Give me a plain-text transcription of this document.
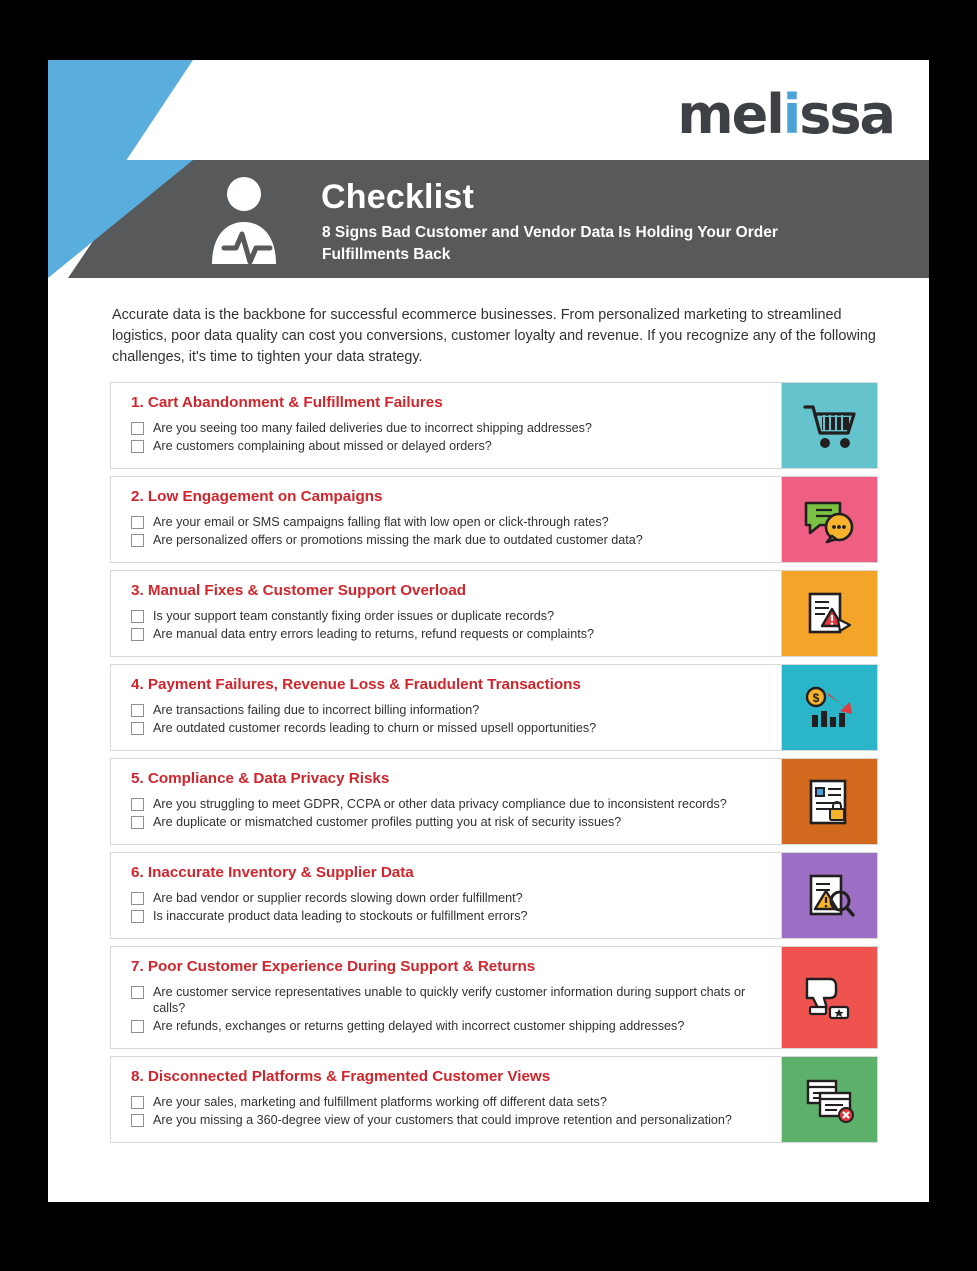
melissa
Checklist
8 Signs Bad Customer and Vendor Data Is Holding Your Order Fulfillments Back
Accurate data is the backbone for successful ecommerce businesses. From personalized marketing to streamlined logistics, poor data quality can cost you conversions, customer loyalty and revenue. If you recognize any of the following challenges, it's time to tighten your data strategy.
1. Cart Abandonment & Fulfillment Failures
Are you seeing too many failed deliveries due to incorrect shipping addresses?
Are customers complaining about missed or delayed orders?
2. Low Engagement on Campaigns
Are your email or SMS campaigns falling flat with low open or click-through rates?
Are personalized offers or promotions missing the mark due to outdated customer data?
3. Manual Fixes & Customer Support Overload
Is your support team constantly fixing order issues or duplicate records?
Are manual data entry errors leading to returns, refund requests or complaints?
4. Payment Failures, Revenue Loss & Fraudulent Transactions
Are transactions failing due to incorrect billing information?
Are outdated customer records leading to churn or missed upsell opportunities?
$
5. Compliance & Data Privacy Risks
Are you struggling to meet GDPR, CCPA or other data privacy compliance due to inconsistent records?
Are duplicate or mismatched customer profiles putting you at risk of security issues?
6. Inaccurate Inventory & Supplier Data
Are bad vendor or supplier records slowing down order fulfillment?
Is inaccurate product data leading to stockouts or fulfillment errors?
7. Poor Customer Experience During Support & Returns
Are customer service representatives unable to quickly verify customer information during support chats or calls?
Are refunds, exchanges or returns getting delayed with incorrect customer shipping addresses?
8. Disconnected Platforms & Fragmented Customer Views
Are your sales, marketing and fulfillment platforms working off different data sets?
Are you missing a 360-degree view of your customers that could improve retention and personalization?
